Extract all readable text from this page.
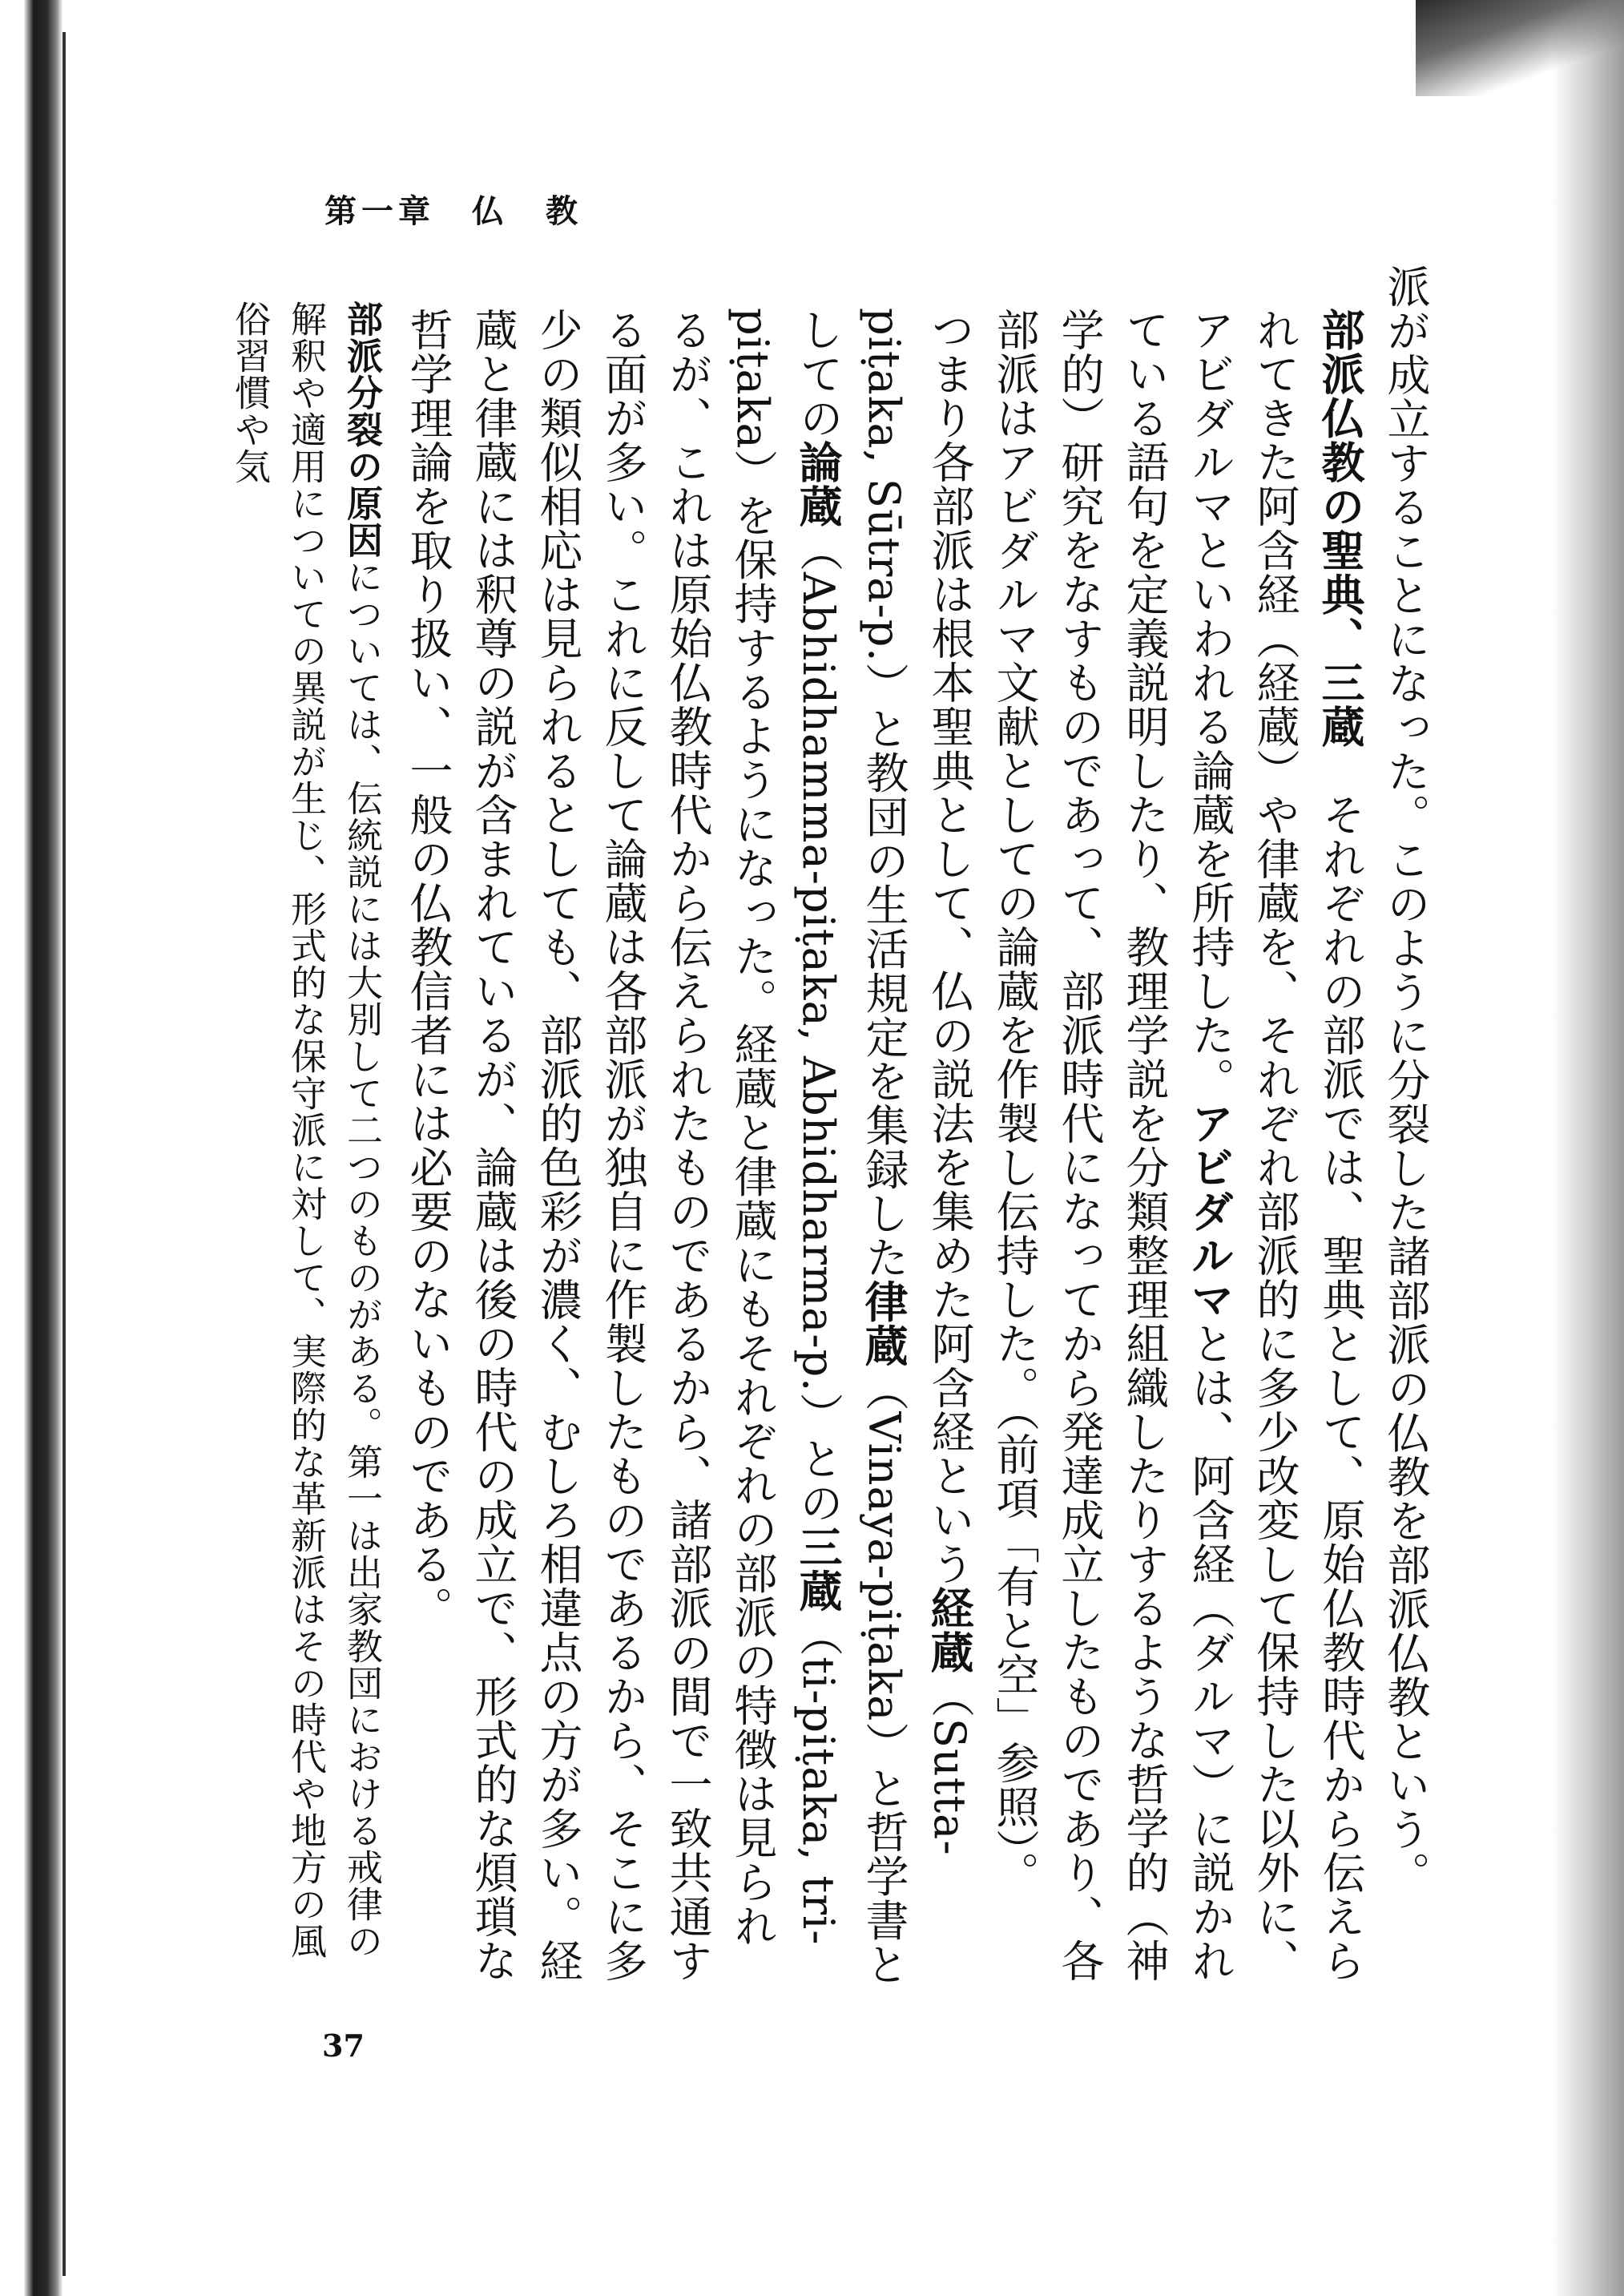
第一章　仏　教

派が成立することになった。このように分裂した諸部派の仏教を部派仏教という。

部派仏教の聖典、三蔵　それぞれの部派では、聖典として、原始仏教時代から伝えられてきた阿含経（経蔵）や律蔵を、それぞれ部派的に多少改変して保持した以外に、アビダルマといわれる論蔵を所持した。アビダルマとは、阿含経（ダルマ）に説かれている語句を定義説明したり、教理学説を分類整理組織したりするような哲学的（神学的）研究をなすものであって、部派時代になってから発達成立したものであり、各部派はアビダルマ文献としての論蔵を作製し伝持した。（前項「有と空」参照）。

つまり各部派は根本聖典として、仏の説法を集めた阿含経という経蔵（Sutta-piṭaka, Sūtra-p.）と教団の生活規定を集録した律蔵（Vinaya-piṭaka）と哲学書としての論蔵（Abhidhamma-piṭaka, Abhidharma-p.）との三蔵（ti-piṭaka, tri-piṭaka）を保持するようになった。経蔵と律蔵にもそれぞれの部派の特徴は見られるが、これは原始仏教時代から伝えられたものであるから、諸部派の間で一致共通する面が多い。これに反して論蔵は各部派が独自に作製したものであるから、そこに多少の類似相応は見られるとしても、部派的色彩が濃く、むしろ相違点の方が多い。経蔵と律蔵には釈尊の説が含まれているが、論蔵は後の時代の成立で、形式的な煩瑣な哲学理論を取り扱い、一般の仏教信者には必要のないものである。

部派分裂の原因については、伝統説には大別して二つのものがある。第一は出家教団における戒律の解釈や適用についての異説が生じ、形式的な保守派に対して、実際的な革新派はその時代や地方の風俗習慣や気

37
